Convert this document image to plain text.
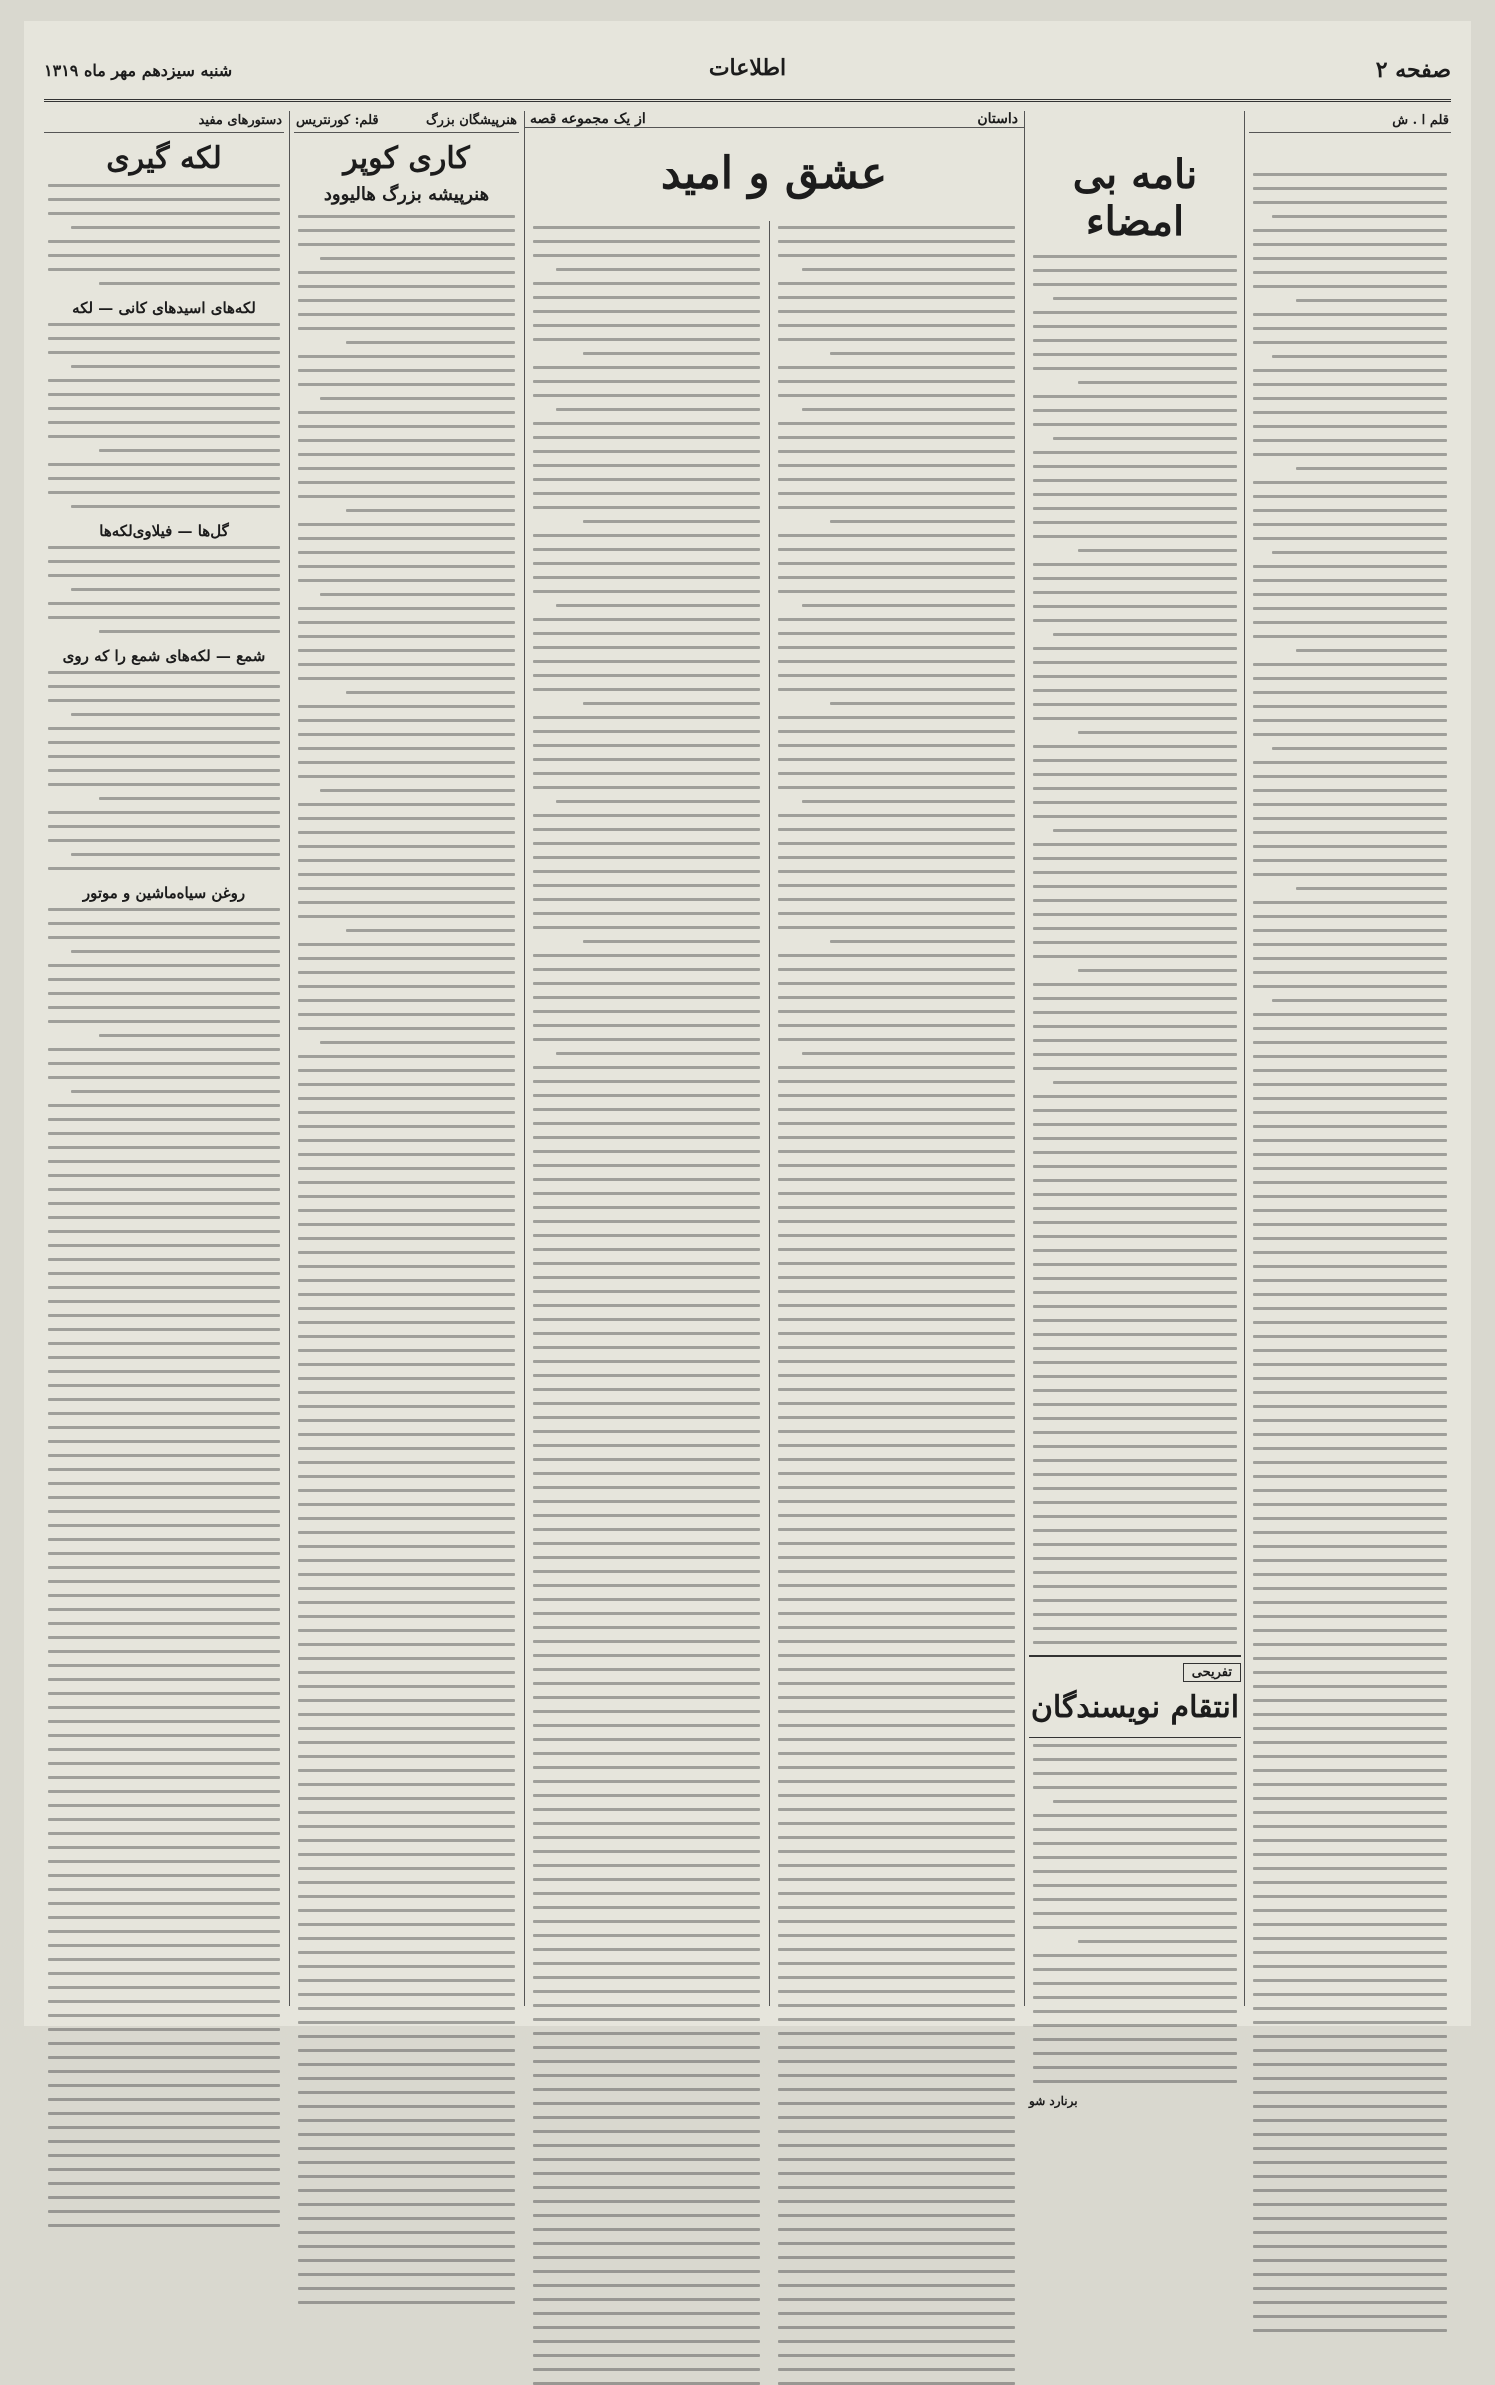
صفحه ۲
اطلاعات
شنبه سیزدهم مهر ماه ۱۳۱۹
قلم ا . ش
نامه بی امضاء
تفریحی
انتقام نویسندگان
برنارد شو
داستان
از یک مجموعه قصه
عشق و امید
هنرپیشگان بزرگ
قلم: کورنتریس
کاری کوپر
هنرپیشه بزرگ هالیوود
دستورهای مفید
لکه گیری
لکه‌های اسیدهای کانی — لکه
گل‌ها — فیلاوی‌لکه‌ها
شمع — لکه‌های شمع را که روی
روغن سیاه‌ماشین و موتور
